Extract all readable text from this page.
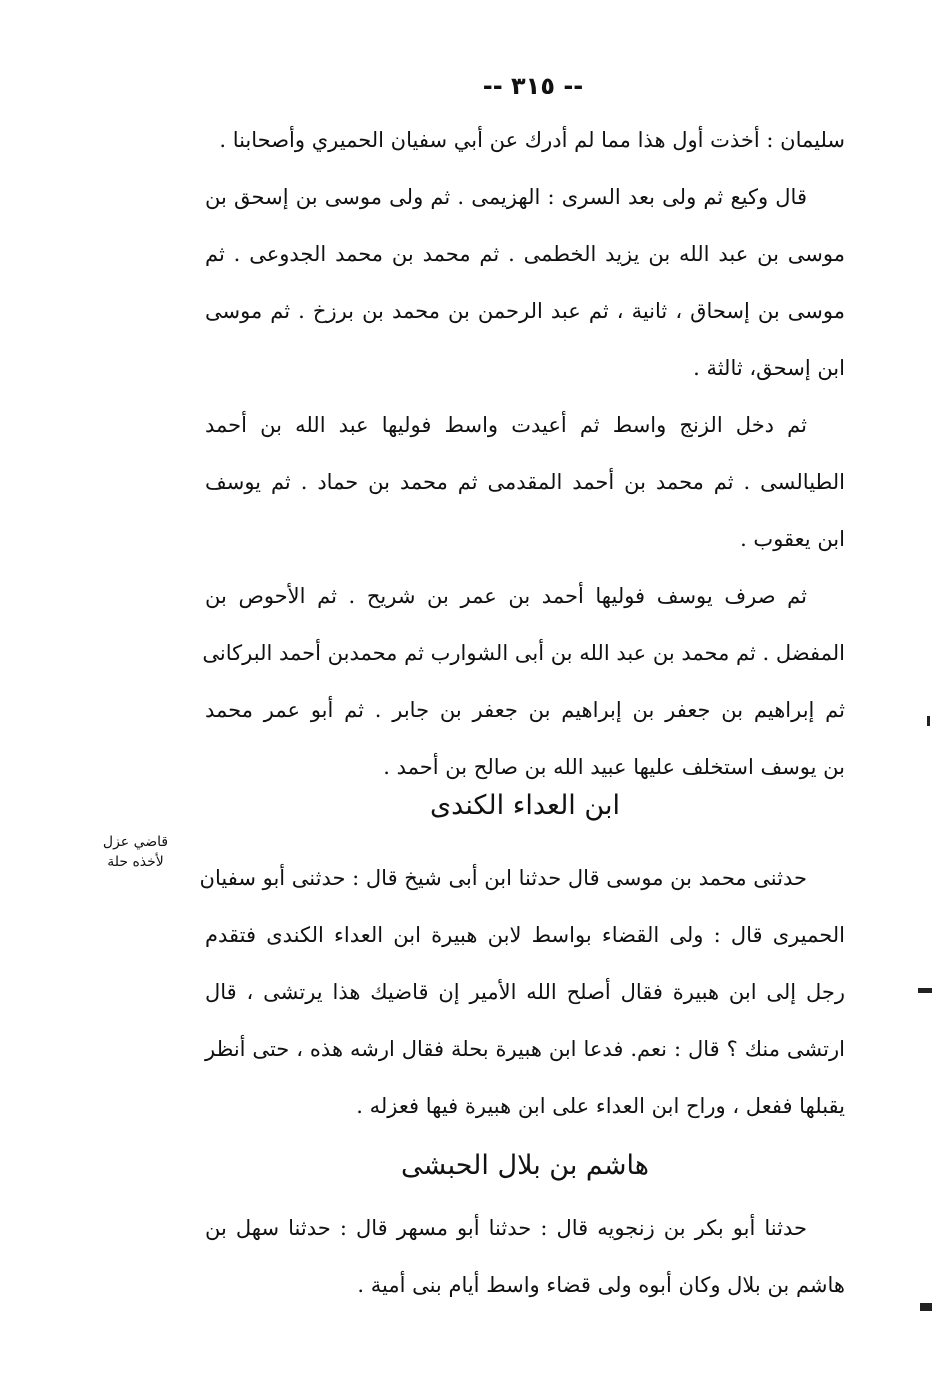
-- ٣١٥ --
سليمان : أخذت أول هذا مما لم أدرك عن أبي سفيان الحميري وأصحابنا .
قال وكيع ثم ولى بعد السرى : الهزيمى . ثم ولى موسى بن إسحق بن
موسى بن عبد الله بن يزيد الخطمى . ثم محمد بن محمد الجدوعى . ثم
موسى بن إسحاق ، ثانية ، ثم عبد الرحمن بن محمد بن برزخ . ثم موسى
ابن إسحق، ثالثة .
ثم دخل الزنج واسط ثم أعيدت واسط فوليها عبد الله بن أحمد
الطيالسى . ثم محمد بن أحمد المقدمى ثم محمد بن حماد . ثم يوسف
ابن يعقوب .
ثم صرف يوسف فوليها أحمد بن عمر بن شريح . ثم الأحوص بن
المفضل . ثم محمد بن عبد الله بن أبى الشوارب ثم محمدبن أحمد البركانى
ثم إبراهيم بن جعفر بن إبراهيم بن جعفر بن جابر . ثم أبو عمر محمد
بن يوسف استخلف عليها عبيد الله بن صالح بن أحمد .
ابن العداء الكندى
قاضي عزل
لأخذه حلة
حدثنى محمد بن موسى قال حدثنا ابن أبى شيخ قال : حدثنى أبو سفيان
الحميرى قال : ولى القضاء بواسط لابن هبيرة ابن العداء الكندى فتقدم
رجل إلى ابن هبيرة فقال أصلح الله الأمير إن قاضيك هذا يرتشى ، قال
ارتشى منك ؟ قال : نعم. فدعا ابن هبيرة بحلة فقال ارشه هذه ، حتى أنظر
يقبلها ففعل ، وراح ابن العداء على ابن هبيرة فيها فعزله .
هاشم بن بلال الحبشى
حدثنا أبو بكر بن زنجويه قال : حدثنا أبو مسهر قال : حدثنا سهل بن
هاشم بن بلال وكان أبوه ولى قضاء واسط أيام بنى أمية .
